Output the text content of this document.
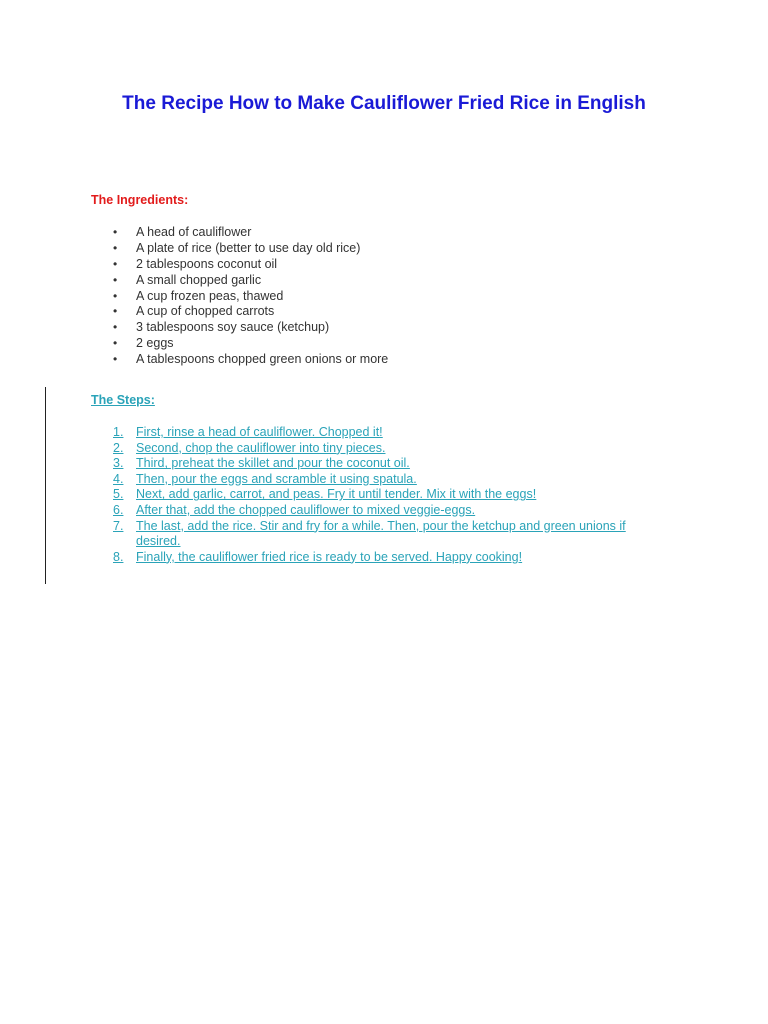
The Recipe How to Make Cauliflower Fried Rice in English
The Ingredients:
• A head of cauliflower
• A plate of rice (better to use day old rice)
• 2 tablespoons coconut oil
• A small chopped garlic
• A cup frozen peas, thawed
• A cup of chopped carrots
• 3 tablespoons soy sauce (ketchup)
• 2 eggs
• A tablespoons chopped green onions or more
The Steps:
1. First, rinse a head of cauliflower. Chopped it!
2. Second, chop the cauliflower into tiny pieces.
3. Third, preheat the skillet and pour the coconut oil.
4. Then, pour the eggs and scramble it using spatula.
5. Next, add garlic, carrot, and peas. Fry it until tender. Mix it with the eggs!
6. After that, add the chopped cauliflower to mixed veggie-eggs.
7. The last, add the rice. Stir and fry for a while. Then, pour the ketchup and green unions if desired.
8. Finally, the cauliflower fried rice is ready to be served. Happy cooking!
